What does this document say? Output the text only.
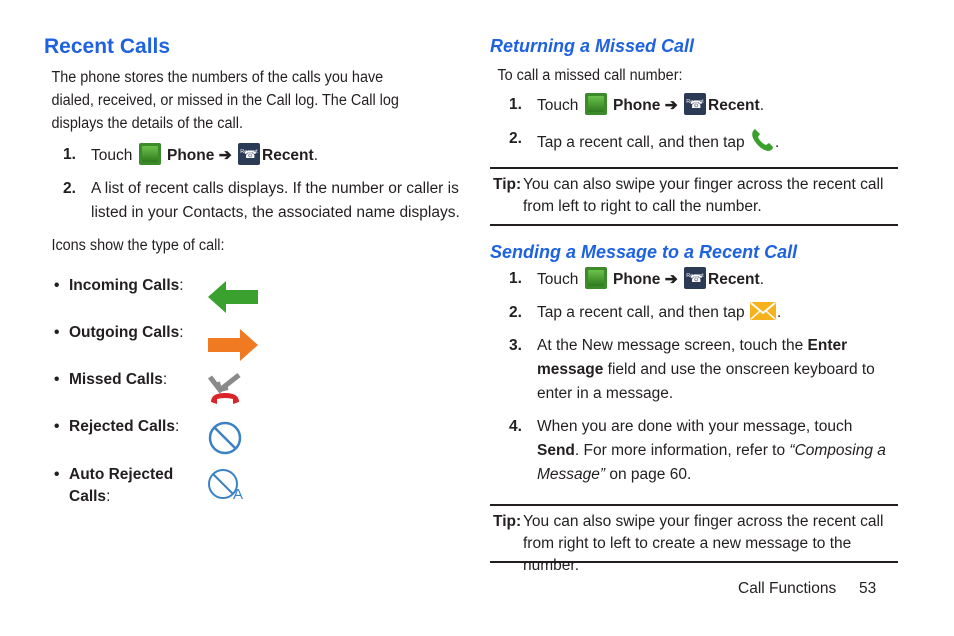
Recent Calls

The phone stores the numbers of the calls you have dialed, received, or missed in the Call log. The Call log displays the details of the call.

1. Touch Phone ➔	☎ Recent Recent.
2. A list of recent calls displays. If the number or caller is listed in your Contacts, the associated name displays.

Icons show the type of call:

• Incoming Calls:
• Outgoing Calls:
• Missed Calls:
• Rejected Calls:
• Auto Rejected Calls:	A
Returning a Missed Call

To call a missed call number:

1. Touch Phone ➔	☎ Recent Recent.
2. Tap a recent call, and then tap .
Tip: You can also swipe your finger across the recent call from left to right to call the number.
Sending a Message to a Recent Call
1. Touch Phone ➔	☎ Recent Recent.
2. Tap a recent call, and then tap .
3. At the New message screen, touch the Enter message field and use the onscreen keyboard to enter in a message.
4. When you are done with your message, touch Send. For more information, refer to “Composing a Message” on page 60.
Tip: You can also swipe your finger across the recent call from right to left to create a new message to the number.
Call Functions 53
